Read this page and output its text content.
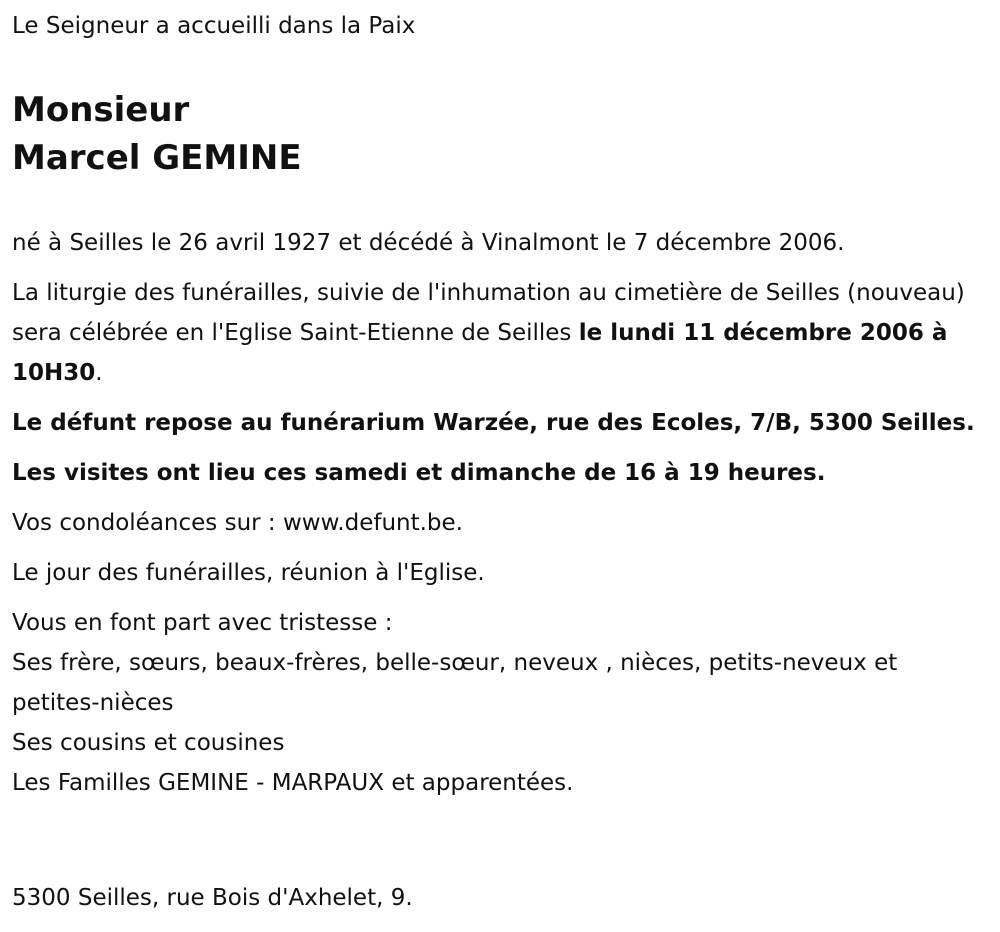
Le Seigneur a accueilli dans la Paix

Monsieur
Marcel GEMINE

né à Seilles le 26 avril 1927 et décédé à Vinalmont le 7 décembre 2006.

La liturgie des funérailles, suivie de l'inhumation au cimetière de Seilles (nouveau) sera célébrée en l'Eglise Saint-Etienne de Seilles le lundi 11 décembre 2006 à 10H30.

Le défunt repose au funérarium Warzée, rue des Ecoles, 7/B, 5300 Seilles.

Les visites ont lieu ces samedi et dimanche de 16 à 19 heures.

Vos condoléances sur : www.defunt.be.

Le jour des funérailles, réunion à l'Eglise.

Vous en font part avec tristesse :

Ses frère, sœurs, beaux-frères, belle-sœur, neveux , nièces, petits-neveux et petites-nièces

Ses cousins et cousines

Les Familles GEMINE - MARPAUX et apparentées.

5300 Seilles, rue Bois d'Axhelet, 9.
